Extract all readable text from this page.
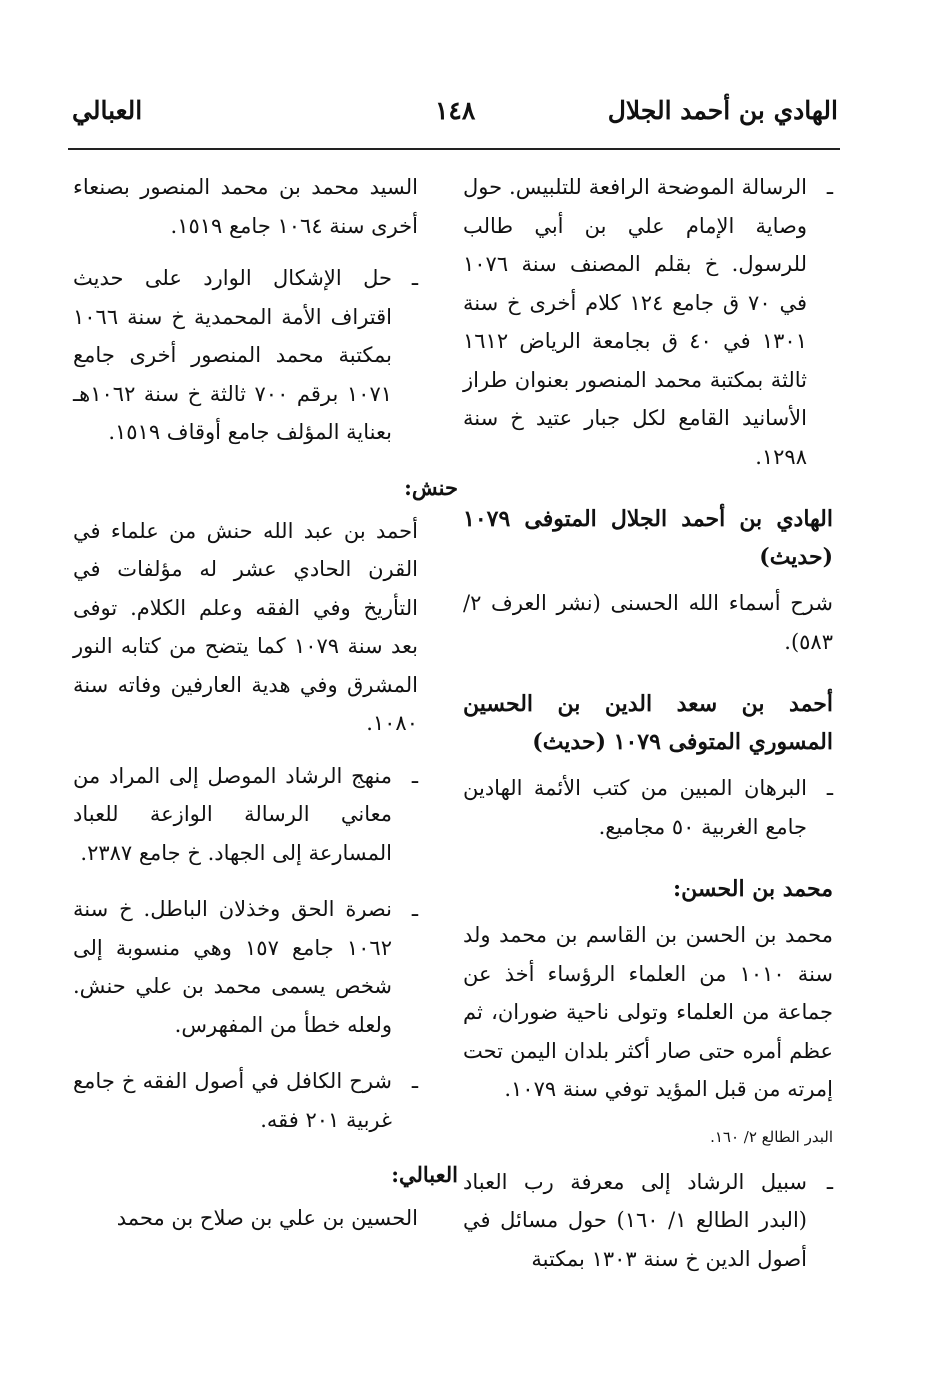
العبالي	١٤٨	الهادي بن أحمد الجلال
ـ الرسالة الموضحة الرافعة للتلبيس. حول وصاية الإمام علي بن أبي طالب للرسول. خ بقلم المصنف سنة ١٠٧٦ في ٧٠ ق جامع ١٢٤ كلام أخرى خ سنة ١٣٠١ في ٤٠ ق بجامعة الرياض ١٦١٢ ثالثة بمكتبة محمد المنصور بعنوان طراز الأسانيد القامع لكل جبار عتيد خ سنة ١٢٩٨.
الهادي بن أحمد الجلال المتوفى ١٠٧٩ (حديث)
شرح أسماء الله الحسنى (نشر العرف ٢/ ٥٨٣).
أحمد بن سعد الدين بن الحسين المسوري المتوفى ١٠٧٩ (حديث)
ـ البرهان المبين من كتب الأئمة الهادين جامع الغربية ٥٠ مجاميع.
محمد بن الحسن:
محمد بن الحسن بن القاسم بن محمد ولد سنة ١٠١٠ من العلماء الرؤساء أخذ عن جماعة من العلماء وتولى ناحية ضوران، ثم عظم أمره حتى صار أكثر بلدان اليمن تحت إمرته من قبل المؤيد توفي سنة ١٠٧٩.
البدر الطالع ٢/ ١٦٠.
ـ سبيل الرشاد إلى معرفة رب العباد (البدر الطالع ١/ ١٦٠) حول مسائل في أصول الدين خ سنة ١٣٠٣ بمكتبة
السيد محمد بن محمد المنصور بصنعاء أخرى سنة ١٠٦٤ جامع ١٥١٩.
ـ حل الإشكال الوارد على حديث اقتراف الأمة المحمدية خ سنة ١٠٦٦ بمكتبة محمد المنصور أخرى جامع ١٠٧١ برقم ٧٠٠ ثالثة خ سنة ١٠٦٢هـ بعناية المؤلف جامع أوقاف ١٥١٩.
حنش:
أحمد بن عبد الله حنش من علماء في القرن الحادي عشر له مؤلفات في التأريخ وفي الفقه وعلم الكلام. توفى بعد سنة ١٠٧٩ كما يتضح من كتابه النور المشرق وفي هدية العارفين وفاته سنة ١٠٨٠.
ـ منهج الرشاد الموصل إلى المراد من معاني الرسالة الوازعة للعباد المسارعة إلى الجهاد. خ جامع ٢٣٨٧.
ـ نصرة الحق وخذلان الباطل. خ سنة ١٠٦٢ جامع ١٥٧ وهي منسوبة إلى شخص يسمى محمد بن علي حنش. ولعله خطأ من المفهرس.
ـ شرح الكافل في أصول الفقه خ جامع غربية ٢٠١ فقه.
العبالي:
الحسين بن علي بن صلاح بن محمد
